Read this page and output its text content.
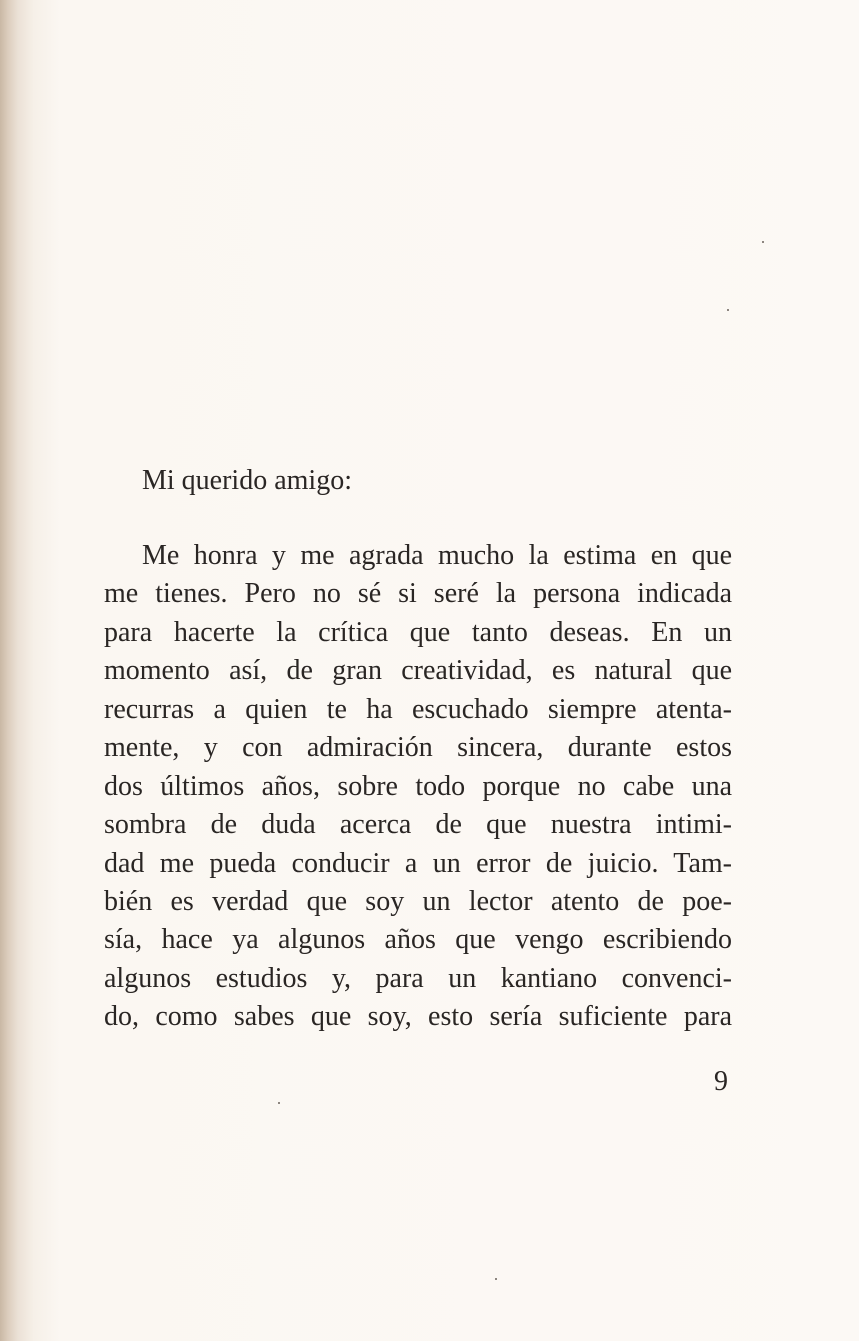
Mi querido amigo:

Me honra y me agrada mucho la estima en que
me tienes. Pero no sé si seré la persona indicada
para hacerte la crítica que tanto deseas. En un
momento así, de gran creatividad, es natural que
recurras a quien te ha escuchado siempre atenta-
mente, y con admiración sincera, durante estos
dos últimos años, sobre todo porque no cabe una
sombra de duda acerca de que nuestra intimi-
dad me pueda conducir a un error de juicio. Tam-
bién es verdad que soy un lector atento de poe-
sía, hace ya algunos años que vengo escribiendo
algunos estudios y, para un kantiano convenci-
do, como sabes que soy, esto sería suficiente para

9
